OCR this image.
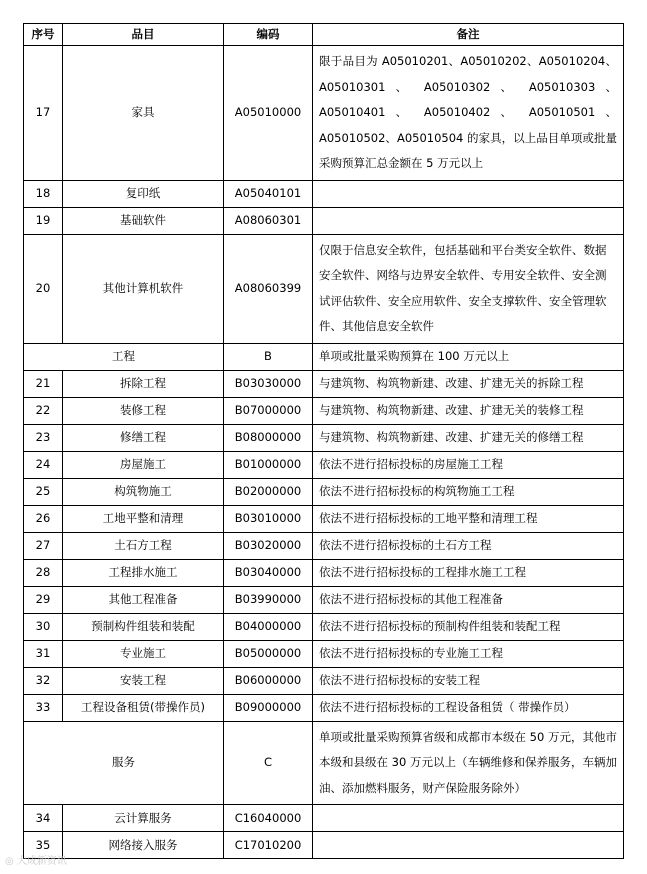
序号	品目	编码	备注
17	家具	A05010000	限于品目为 A05010201、A05010202、A05010204、A05010301 、 A05010302 、 A05010303 、A05010401 、 A05010402 、 A05010501 、A05010502、A05010504 的家具，以上品目单项或批量采购预算汇总金额在 5 万元以上
18	复印纸	A05040101	
19	基础软件	A08060301	
20	其他计算机软件	A08060399	仅限于信息安全软件，包括基础和平台类安全软件、数据安全软件、网络与边界安全软件、专用安全软件、安全测试评估软件、安全应用软件、安全支撑软件、安全管理软件、其他信息安全软件
工程		B	单项或批量采购预算在 100 万元以上
21	拆除工程	B03030000	与建筑物、构筑物新建、改建、扩建无关的拆除工程
22	装修工程	B07000000	与建筑物、构筑物新建、改建、扩建无关的装修工程
23	修缮工程	B08000000	与建筑物、构筑物新建、改建、扩建无关的修缮工程
24	房屋施工	B01000000	依法不进行招标投标的房屋施工工程
25	构筑物施工	B02000000	依法不进行招标投标的构筑物施工工程
26	工地平整和清理	B03010000	依法不进行招标投标的工地平整和清理工程
27	土石方工程	B03020000	依法不进行招标投标的土石方工程
28	工程排水施工	B03040000	依法不进行招标投标的工程排水施工工程
29	其他工程准备	B03990000	依法不进行招标投标的其他工程准备
30	预制构件组装和装配	B04000000	依法不进行招标投标的预制构件组装和装配工程
31	专业施工	B05000000	依法不进行招标投标的专业施工工程
32	安装工程	B06000000	依法不进行招标投标的安装工程
33	工程设备租赁(带操作员)	B09000000	依法不进行招标投标的工程设备租赁（ 带操作员）
服务		C	单项或批量采购预算省级和成都市本级在 50 万元，其他市本级和县级在 30 万元以上（车辆维修和保养服务，车辆加油、添加燃料服务，财产保险服务除外）
34	云计算服务	C16040000	
35	网络接入服务	C17010200	
◎ 大成新资讯
